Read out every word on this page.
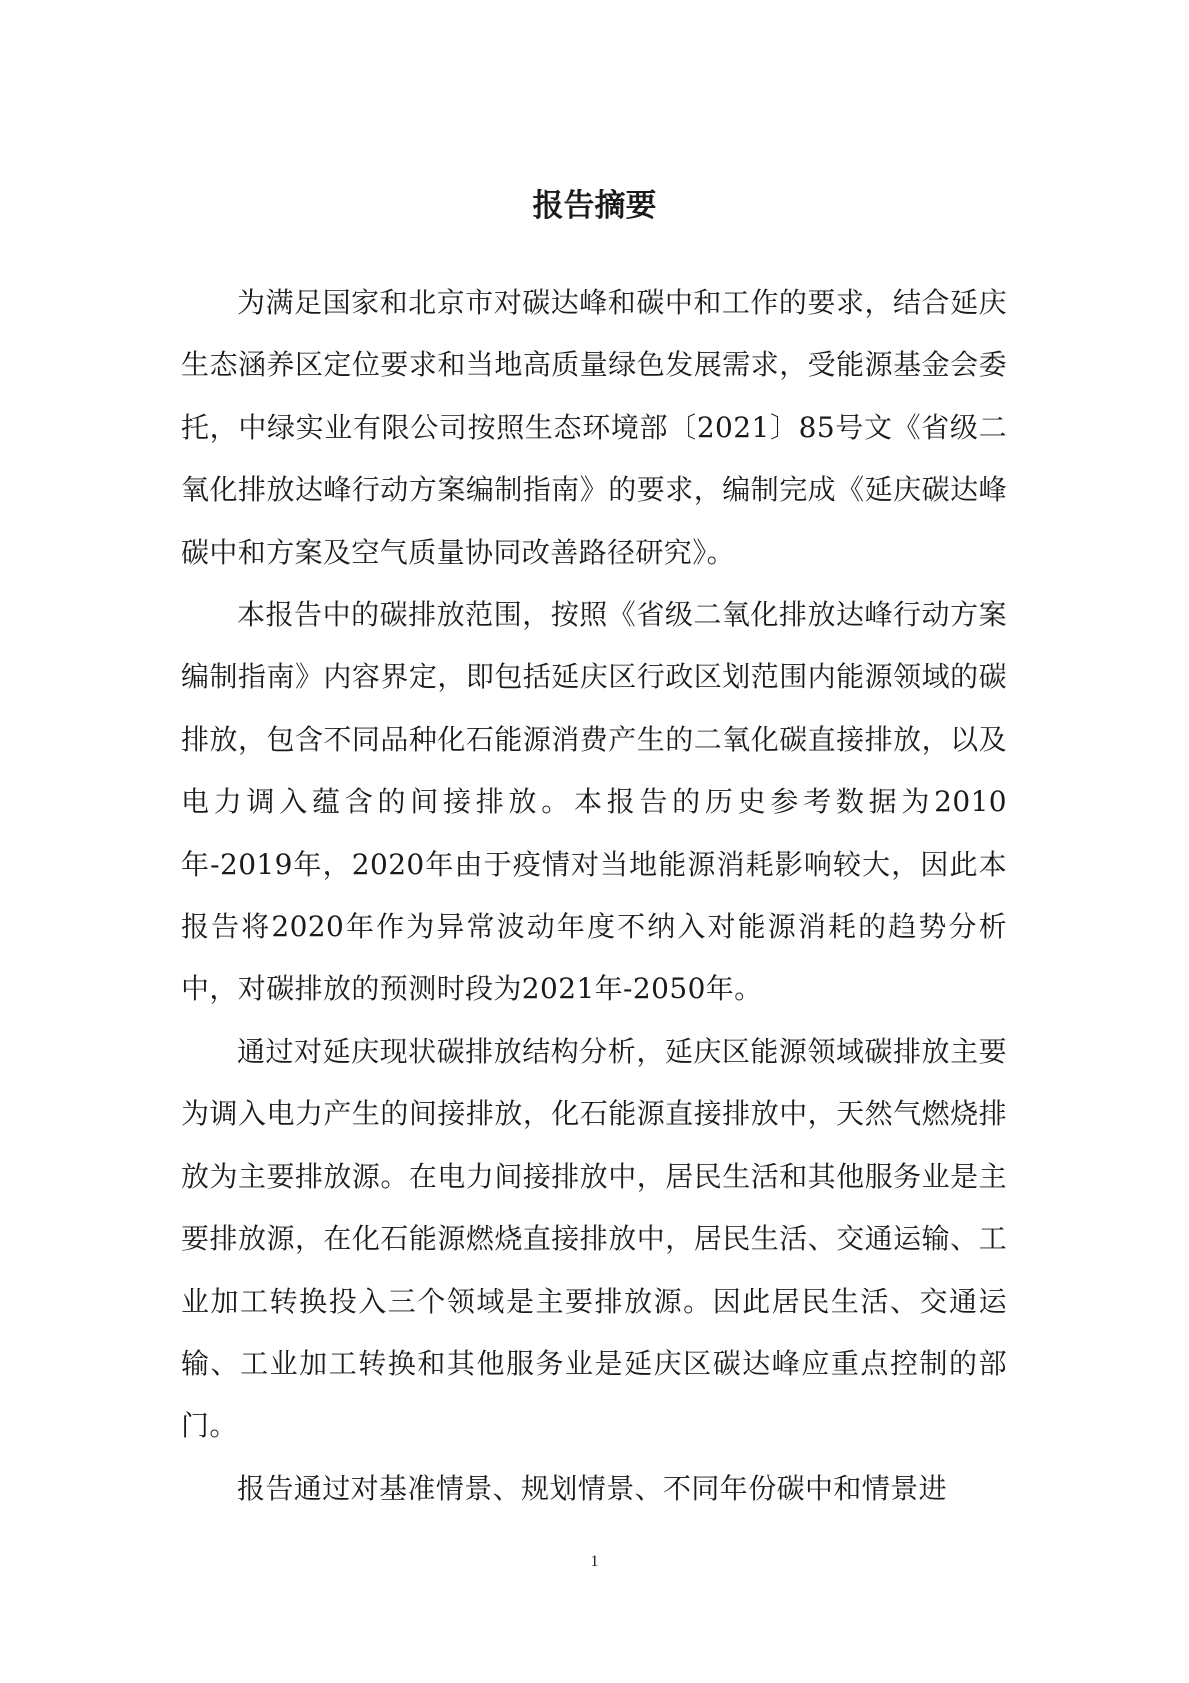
报告摘要

为满足国家和北京市对碳达峰和碳中和工作的要求，结合延庆生态涵养区定位要求和当地高质量绿色发展需求，受能源基金会委托，中绿实业有限公司按照生态环境部〔2021〕85号文《省级二氧化排放达峰行动方案编制指南》的要求，编制完成《延庆碳达峰碳中和方案及空气质量协同改善路径研究》。

本报告中的碳排放范围，按照《省级二氧化排放达峰行动方案编制指南》内容界定，即包括延庆区行政区划范围内能源领域的碳排放，包含不同品种化石能源消费产生的二氧化碳直接排放，以及电力调入蕴含的间接排放。本报告的历史参考数据为2010年-2019年，2020年由于疫情对当地能源消耗影响较大，因此本报告将2020年作为异常波动年度不纳入对能源消耗的趋势分析中，对碳排放的预测时段为2021年-2050年。

通过对延庆现状碳排放结构分析，延庆区能源领域碳排放主要为调入电力产生的间接排放，化石能源直接排放中，天然气燃烧排放为主要排放源。在电力间接排放中，居民生活和其他服务业是主要排放源，在化石能源燃烧直接排放中，居民生活、交通运输、工业加工转换投入三个领域是主要排放源。因此居民生活、交通运输、工业加工转换和其他服务业是延庆区碳达峰应重点控制的部门。

报告通过对基准情景、规划情景、不同年份碳中和情景进

1
